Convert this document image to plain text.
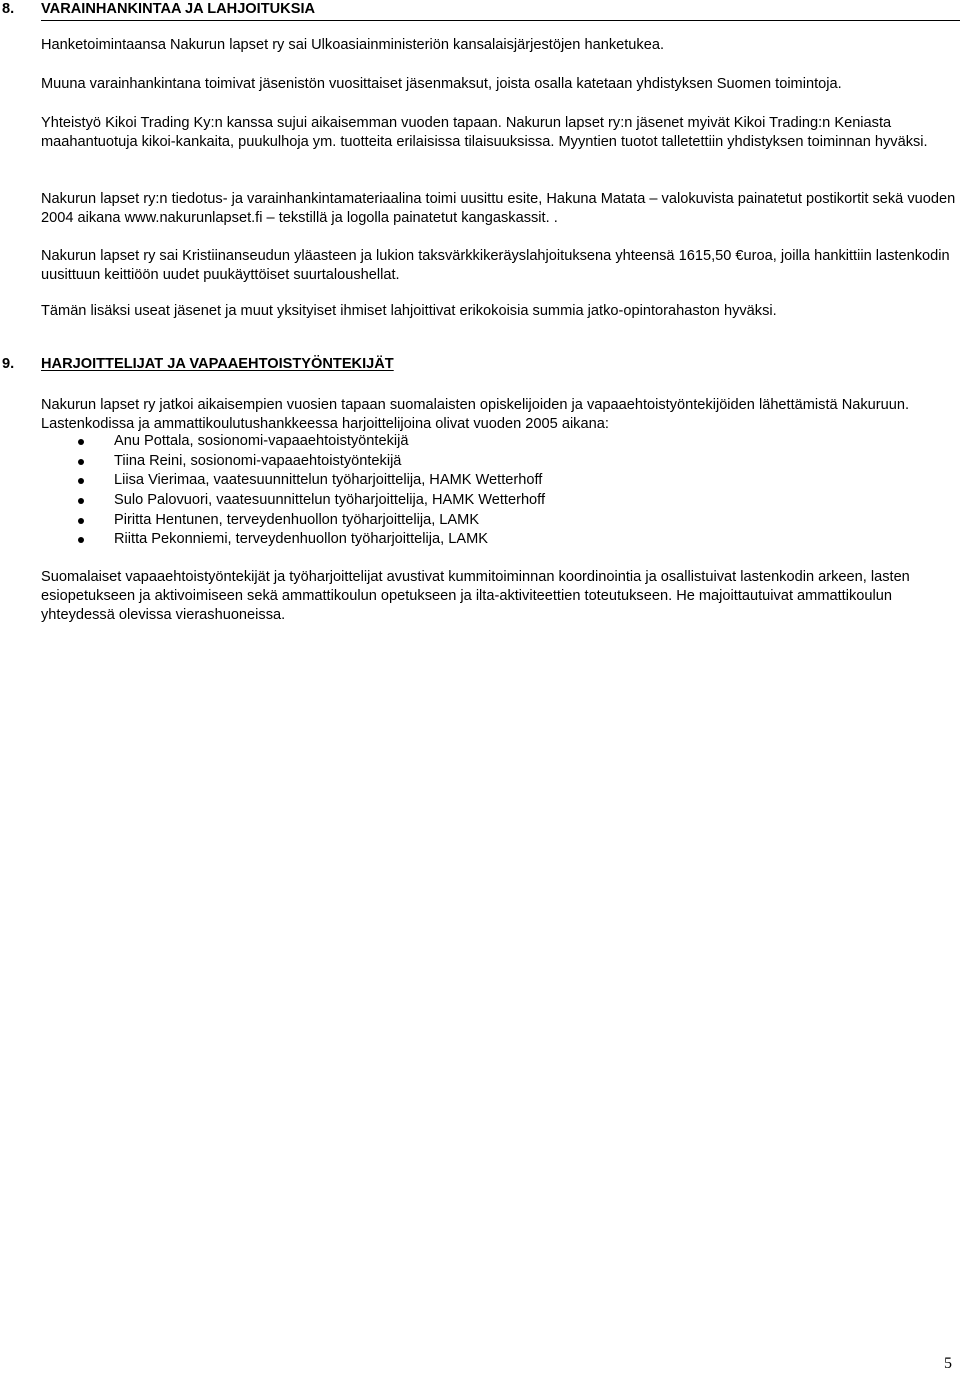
8. VARAINHANKINTAA JA LAHJOITUKSIA

Hanketoimintaansa Nakurun lapset ry sai Ulkoasiainministeriön kansalaisjärjestöjen hanketukea.

Muuna varainhankintana toimivat jäsenistön vuosittaiset jäsenmaksut, joista osalla katetaan yhdistyksen Suomen toimintoja.

Yhteistyö Kikoi Trading Ky:n kanssa sujui aikaisemman vuoden tapaan. Nakurun lapset ry:n jäsenet myivät Kikoi Trading:n Keniasta maahantuotuja kikoi-kankaita, puukulhoja ym. tuotteita erilaisissa tilaisuuksissa. Myyntien tuotot talletettiin yhdistyksen toiminnan hyväksi.

Nakurun lapset ry:n tiedotus- ja varainhankintamateriaalina toimi uusittu esite, Hakuna Matata – valokuvista painatetut postikortit sekä vuoden 2004 aikana www.nakurunlapset.fi – tekstillä ja logolla painatetut kangaskassit. .

Nakurun lapset ry sai Kristiinanseudun yläasteen ja lukion taksvärkkikeräyslahjoituksena yhteensä 1615,50 €uroa, joilla hankittiin lastenkodin uusittuun keittiöön uudet puukäyttöiset suurtaloushellat.

Tämän lisäksi useat jäsenet ja muut yksityiset ihmiset lahjoittivat erikokoisia summia jatko-opintorahaston hyväksi.

9. HARJOITTELIJAT JA VAPAAEHTOISTYÖNTEKIJÄT

Nakurun lapset ry jatkoi aikaisempien vuosien tapaan suomalaisten opiskelijoiden ja vapaaehtoistyöntekijöiden lähettämistä Nakuruun. Lastenkodissa ja ammattikoulutushankkeessa harjoittelijoina olivat vuoden 2005 aikana:

Anu Pottala, sosionomi-vapaaehtoistyöntekijä
Tiina Reini, sosionomi-vapaaehtoistyöntekijä
Liisa Vierimaa, vaatesuunnittelun työharjoittelija, HAMK Wetterhoff
Sulo Palovuori, vaatesuunnittelun työharjoittelija, HAMK Wetterhoff
Piritta Hentunen, terveydenhuollon työharjoittelija, LAMK
Riitta Pekonniemi, terveydenhuollon työharjoittelija, LAMK

Suomalaiset vapaaehtoistyöntekijät ja työharjoittelijat avustivat kummitoiminnan koordinointia ja osallistuivat lastenkodin arkeen, lasten esiopetukseen ja aktivoimiseen sekä ammattikoulun opetukseen ja ilta-aktiviteettien toteutukseen. He majoittautuivat ammattikoulun yhteydessä olevissa vierashuoneissa.

5
